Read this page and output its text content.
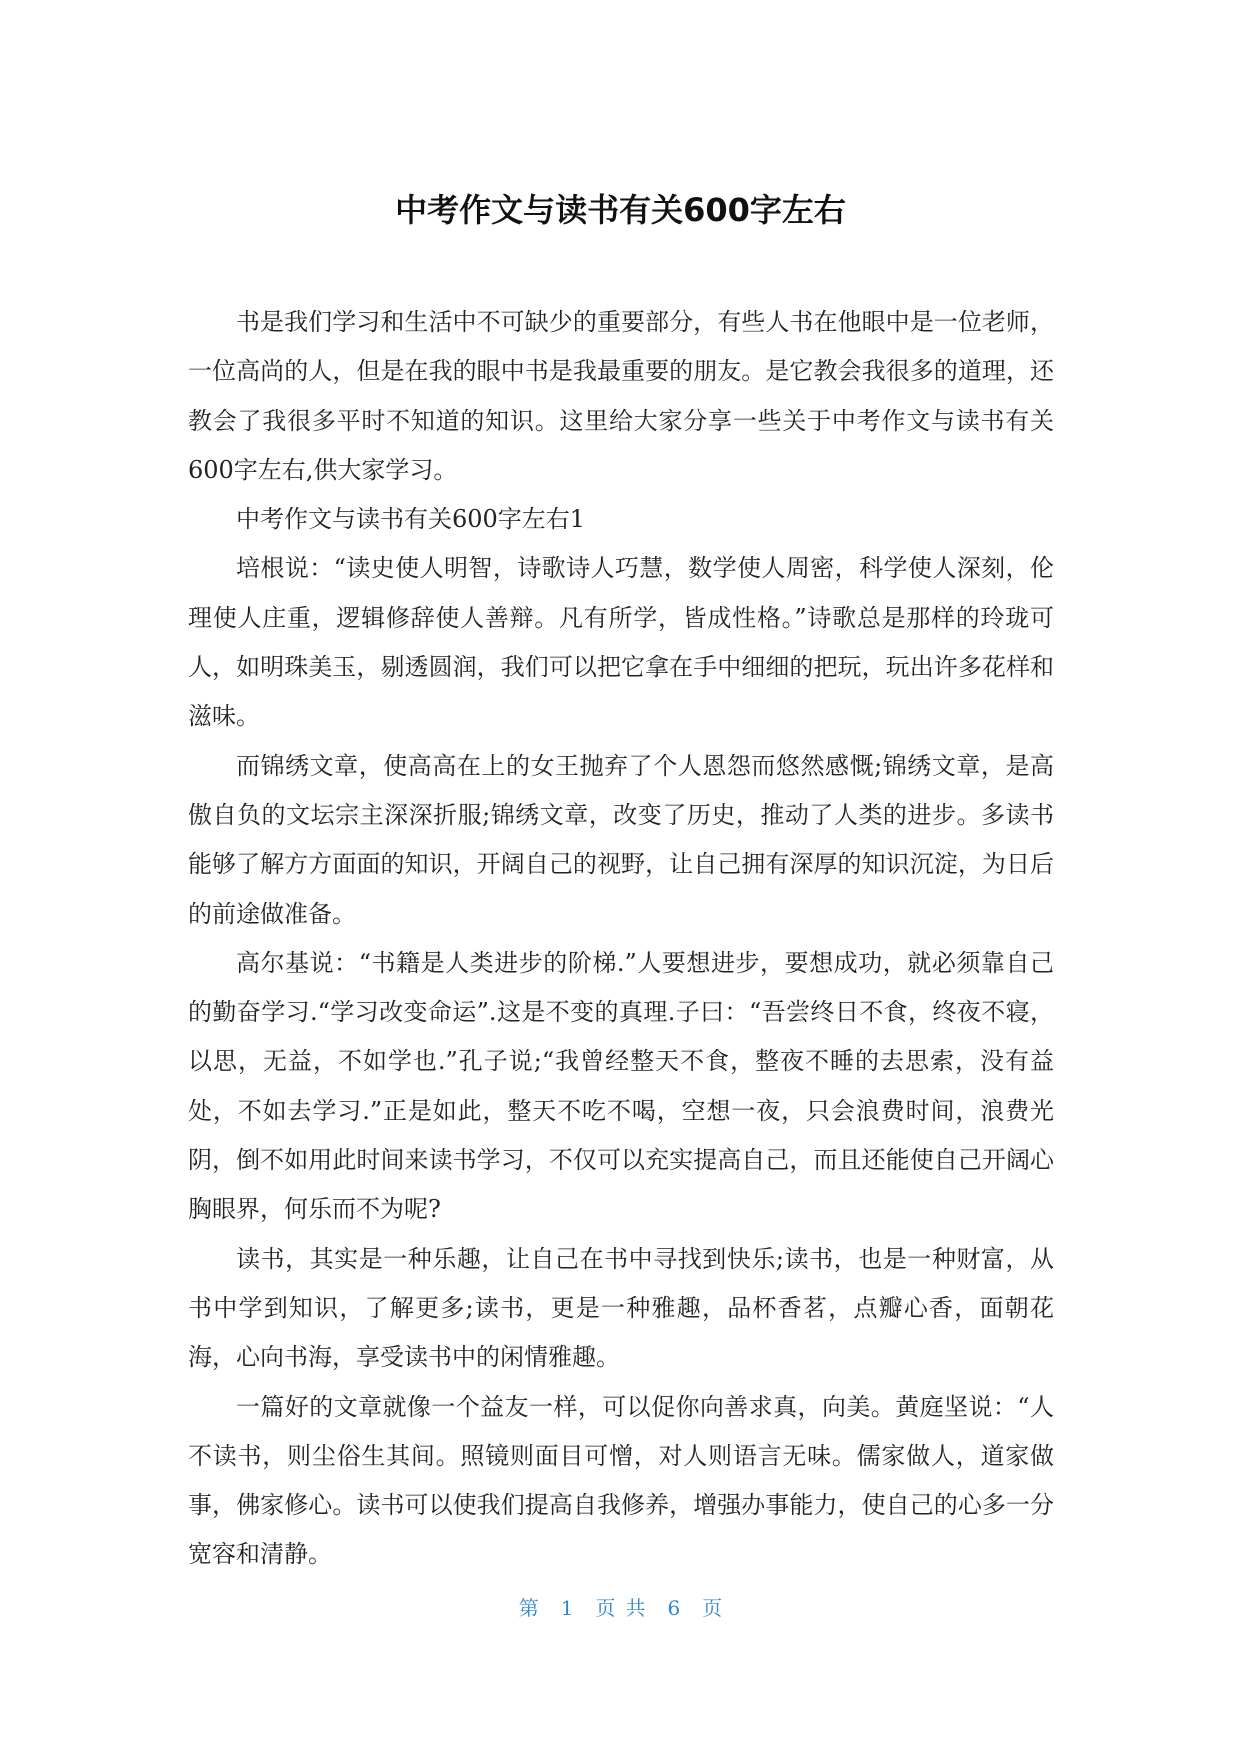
中考作文与读书有关600字左右

书是我们学习和生活中不可缺少的重要部分，有些人书在他眼中是一位老师，一位高尚的人，但是在我的眼中书是我最重要的朋友。是它教会我很多的道理，还教会了我很多平时不知道的知识。这里给大家分享一些关于中考作文与读书有关600字左右,供大家学习。

中考作文与读书有关600字左右1

培根说：“读史使人明智，诗歌诗人巧慧，数学使人周密，科学使人深刻，伦理使人庄重，逻辑修辞使人善辩。凡有所学，皆成性格。”诗歌总是那样的玲珑可人，如明珠美玉，剔透圆润，我们可以把它拿在手中细细的把玩，玩出许多花样和滋味。

而锦绣文章，使高高在上的女王抛弃了个人恩怨而悠然感慨;锦绣文章，是高傲自负的文坛宗主深深折服;锦绣文章，改变了历史，推动了人类的进步。多读书能够了解方方面面的知识，开阔自己的视野，让自己拥有深厚的知识沉淀，为日后的前途做准备。

高尔基说：“书籍是人类进步的阶梯.”人要想进步，要想成功，就必须靠自己的勤奋学习.“学习改变命运”.这是不变的真理.子曰：“吾尝终日不食，终夜不寝，以思，无益，不如学也.”孔子说;“我曾经整天不食，整夜不睡的去思索，没有益处，不如去学习.”正是如此，整天不吃不喝，空想一夜，只会浪费时间，浪费光阴，倒不如用此时间来读书学习，不仅可以充实提高自己，而且还能使自己开阔心胸眼界，何乐而不为呢?

读书，其实是一种乐趣，让自己在书中寻找到快乐;读书，也是一种财富，从书中学到知识，了解更多;读书，更是一种雅趣，品杯香茗，点瓣心香，面朝花海，心向书海，享受读书中的闲情雅趣。

一篇好的文章就像一个益友一样，可以促你向善求真，向美。黄庭坚说：“人不读书，则尘俗生其间。照镜则面目可憎，对人则语言无味。儒家做人，道家做事，佛家修心。读书可以使我们提高自我修养，增强办事能力，使自己的心多一分宽容和清静。

第 1 页 共 6 页
